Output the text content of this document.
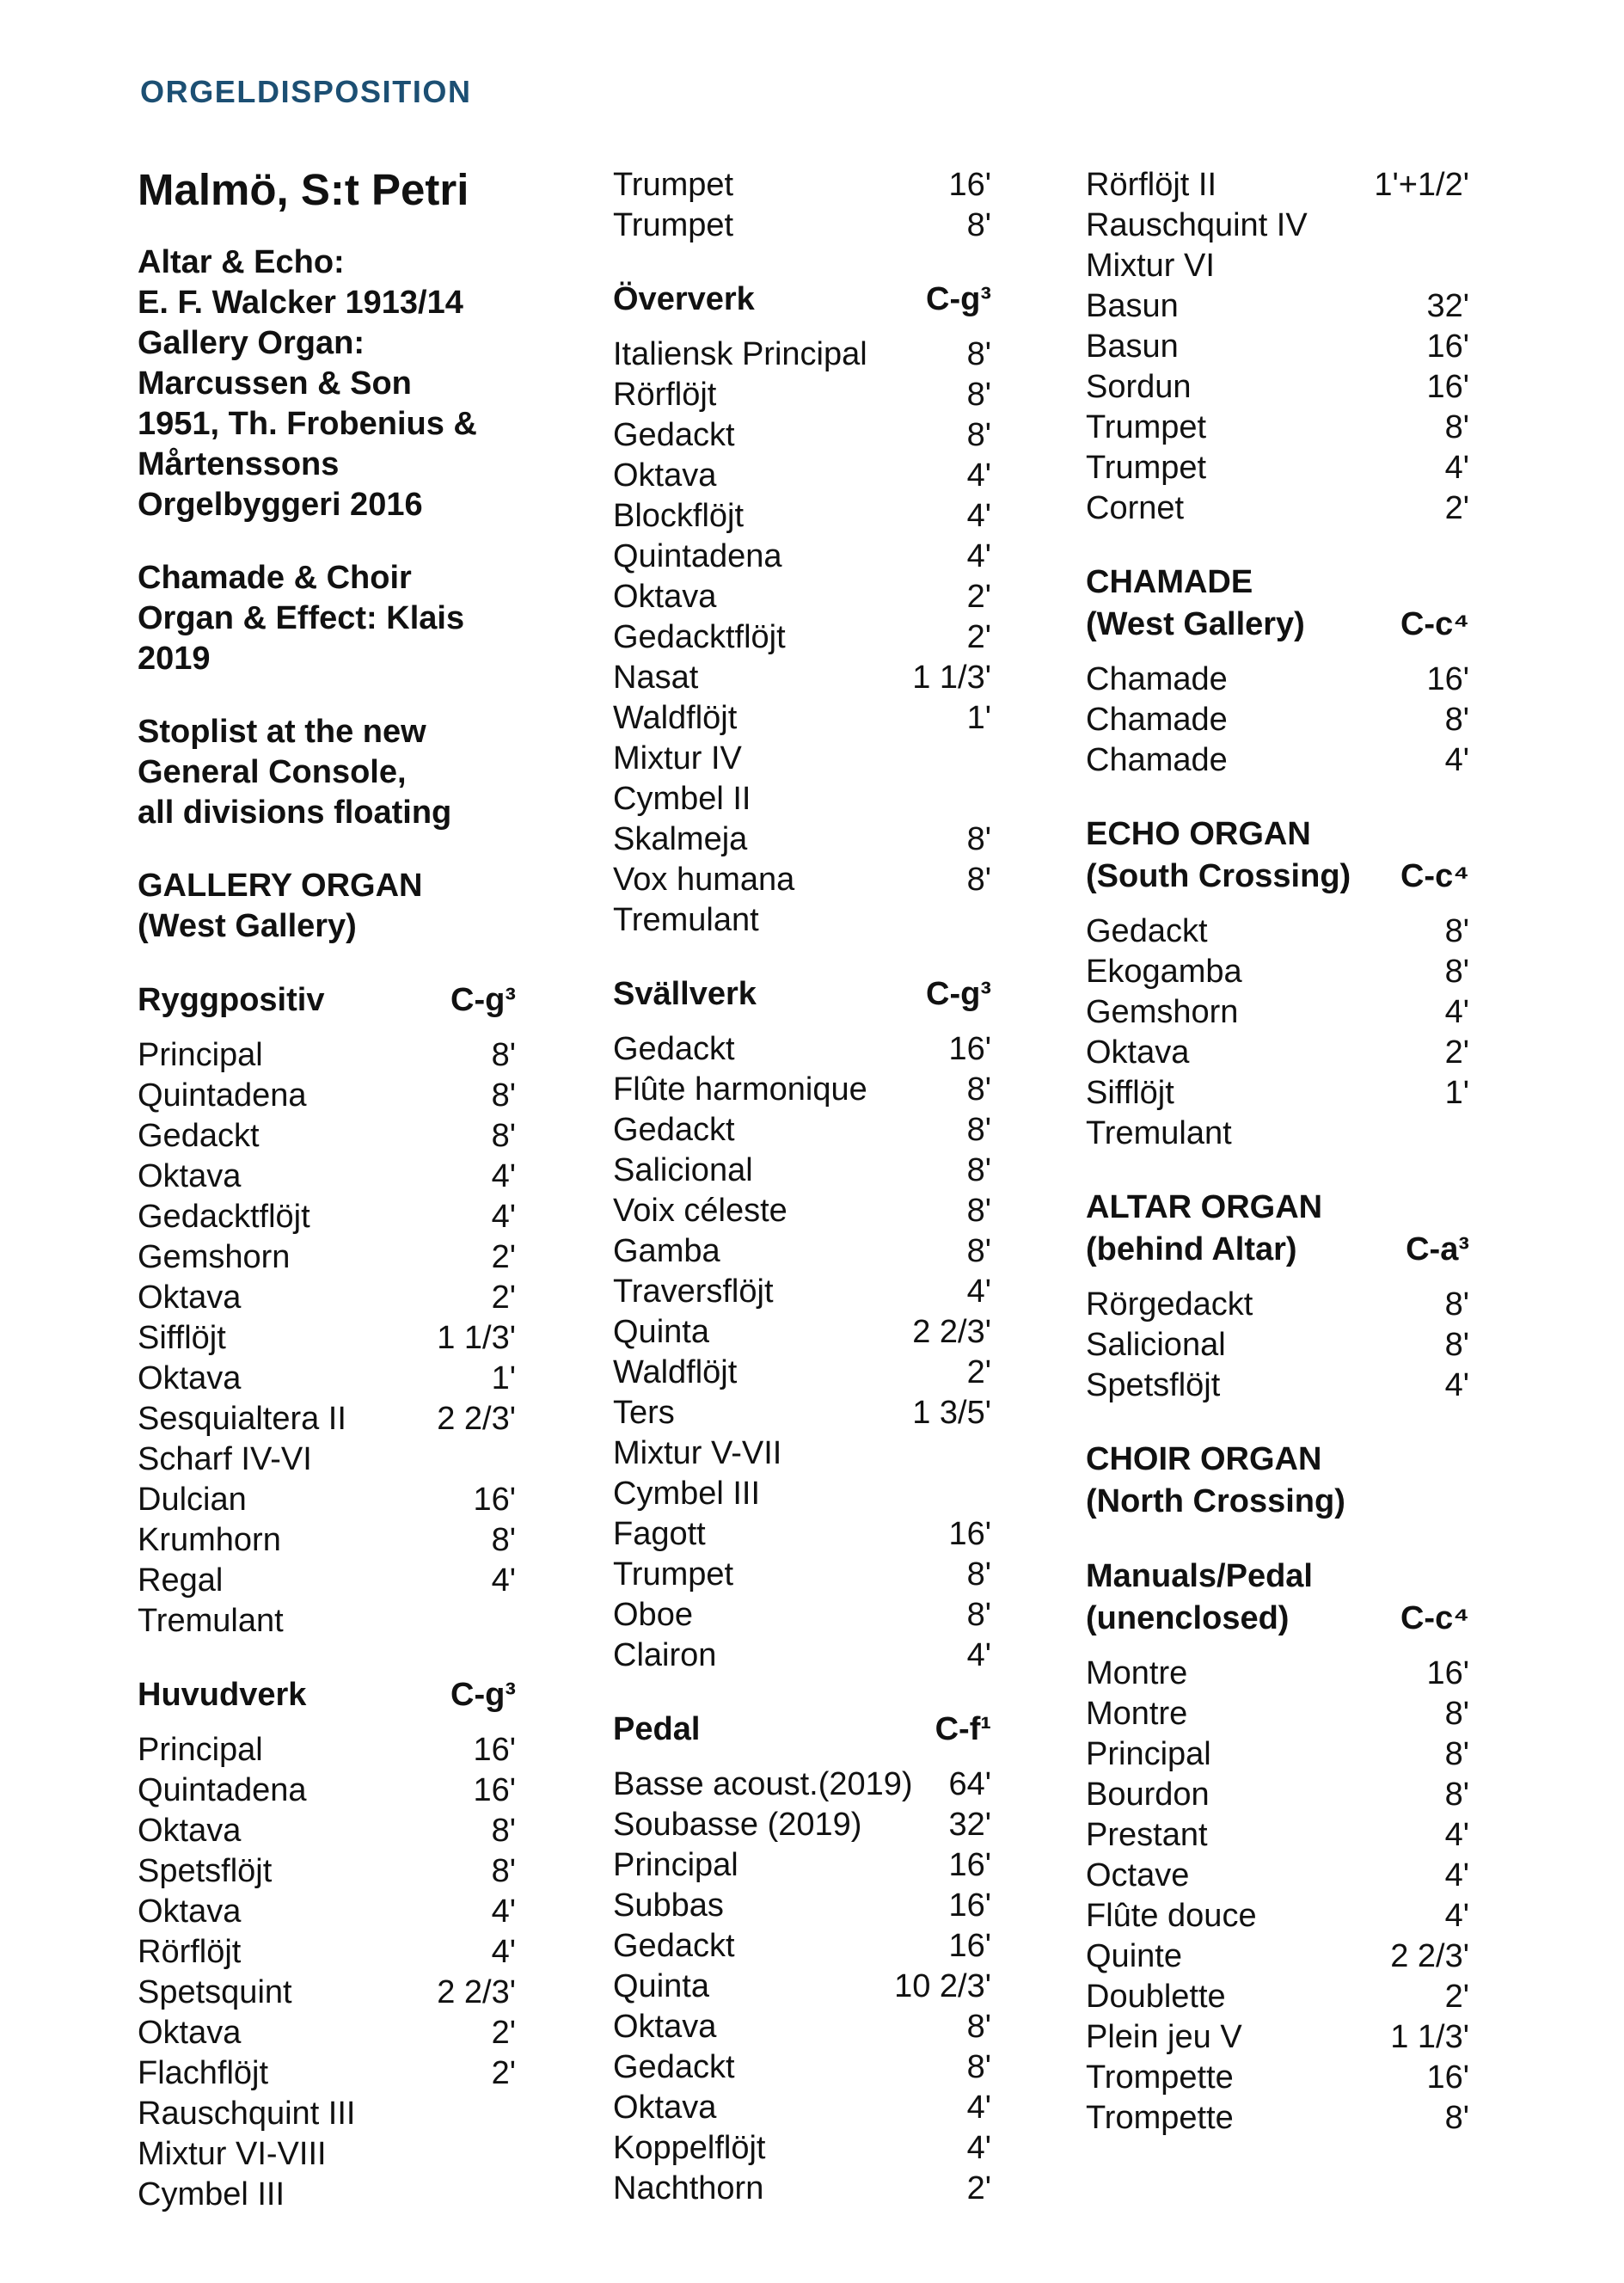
ORGELDISPOSITION
Malmö, S:t Petri
Altar & Echo:
E. F. Walcker 1913/14
Gallery Organ:
Marcussen & Son
1951, Th. Frobenius &
Mårtenssons
Orgelbyggeri 2016
Chamade & Choir
Organ & Effect: Klais
2019
Stoplist at the new
General Console,
all divisions floating
GALLERY ORGAN
(West Gallery)
Ryggpositiv	C-g³
Principal	8'
Quintadena	8'
Gedackt	8'
Oktava	4'
Gedacktflöjt	4'
Gemshorn	2'
Oktava	2'
Sifflöjt	1 1/3'
Oktava	1'
Sesquialtera II	2 2/3'
Scharf IV-VI
Dulcian	16'
Krumhorn	8'
Regal	4'
Tremulant
Huvudverk	C-g³
Principal	16'
Quintadena	16'
Oktava	8'
Spetsflöjt	8'
Oktava	4'
Rörflöjt	4'
Spetsquint	2 2/3'
Oktava	2'
Flachflöjt	2'
Rauschquint III
Mixtur VI-VIII
Cymbel III
Trumpet	16'
Trumpet	8'
Öververk	C-g³
Italiensk Principal	8'
Rörflöjt	8'
Gedackt	8'
Oktava	4'
Blockflöjt	4'
Quintadena	4'
Oktava	2'
Gedacktflöjt	2'
Nasat	1 1/3'
Waldflöjt	1'
Mixtur IV
Cymbel II
Skalmeja	8'
Vox humana	8'
Tremulant
Svällverk	C-g³
Gedackt	16'
Flûte harmonique	8'
Gedackt	8'
Salicional	8'
Voix céleste	8'
Gamba	8'
Traversflöjt	4'
Quinta	2 2/3'
Waldflöjt	2'
Ters	1 3/5'
Mixtur V-VII
Cymbel III
Fagott	16'
Trumpet	8'
Oboe	8'
Clairon	4'
Pedal	C-f¹
Basse acoust.(2019) 64'
Soubasse (2019)	32'
Principal	16'
Subbas	16'
Gedackt	16'
Quinta	10 2/3'
Oktava	8'
Gedackt	8'
Oktava	4'
Koppelflöjt	4'
Nachthorn	2'
Rörflöjt II	1'+1/2'
Rauschquint IV
Mixtur VI
Basun	32'
Basun	16'
Sordun	16'
Trumpet	8'
Trumpet	4'
Cornet	2'
CHAMADE
(West Gallery)	C-c⁴
Chamade	16'
Chamade	8'
Chamade	4'
ECHO ORGAN
(South Crossing) C-c⁴
Gedackt	8'
Ekogamba	8'
Gemshorn	4'
Oktava	2'
Sifflöjt	1'
Tremulant
ALTAR ORGAN
(behind Altar)	C-a³
Rörgedackt	8'
Salicional	8'
Spetsflöjt	4'
CHOIR ORGAN
(North Crossing)
Manuals/Pedal
(unenclosed)	C-c⁴
Montre	16'
Montre	8'
Principal	8'
Bourdon	8'
Prestant	4'
Octave	4'
Flûte douce	4'
Quinte	2 2/3'
Doublette	2'
Plein jeu V	1 1/3'
Trompette	16'
Trompette	8'
